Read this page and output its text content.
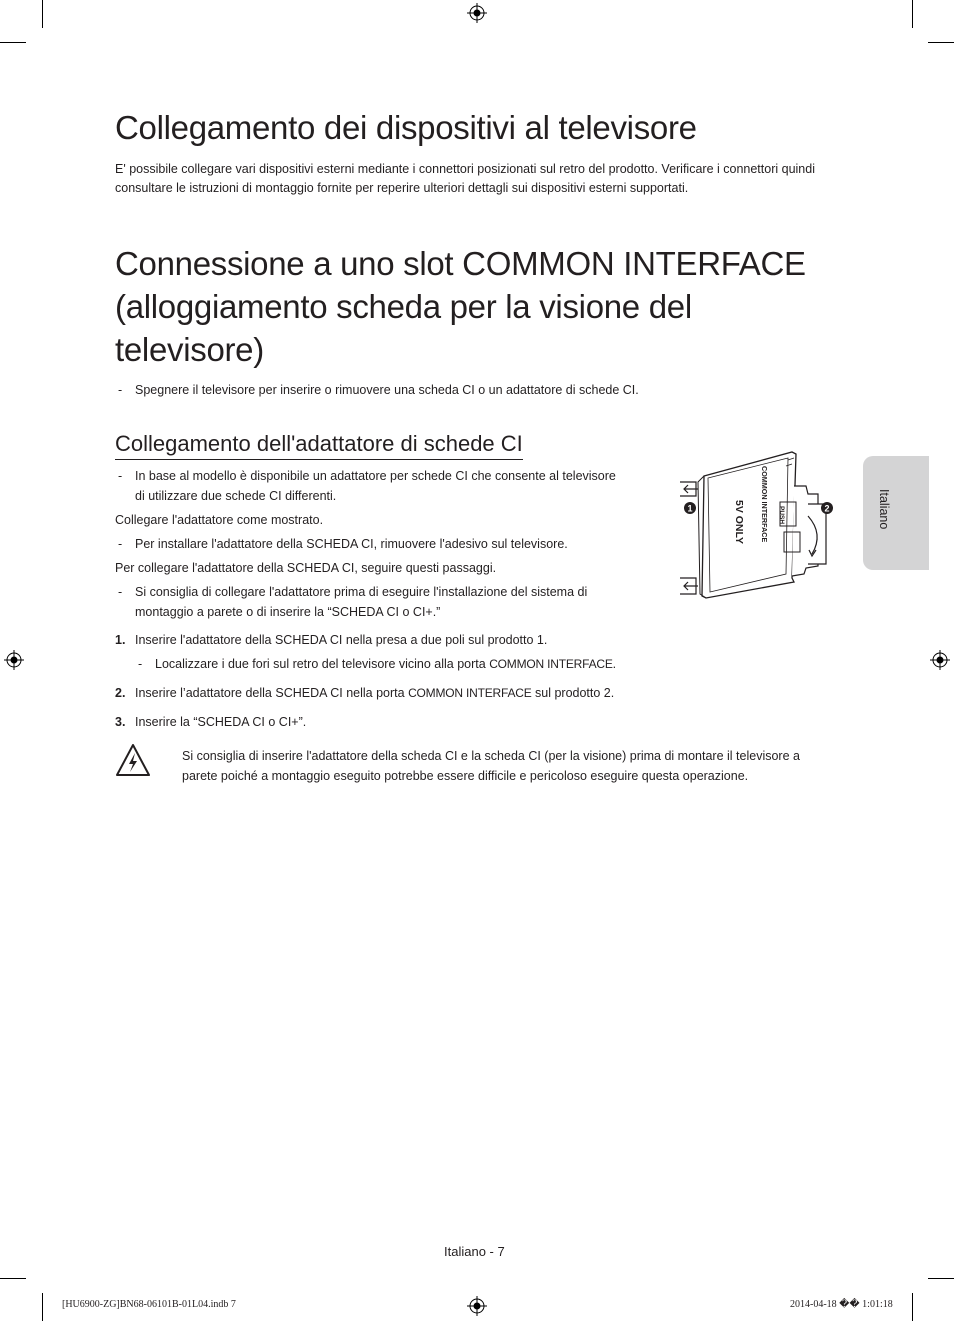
Collegamento dei dispositivi al televisore

E' possibile collegare vari dispositivi esterni mediante i connettori posizionati sul retro del prodotto. Verificare i connettori quindi

consultare le istruzioni di montaggio fornite per reperire ulteriori dettagli sui dispositivi esterni supportati.

Connessione a uno slot COMMON INTERFACE
(alloggiamento scheda per la visione del
televisore)
- Spegnere il televisore per inserire o rimuovere una scheda CI o un adattatore di schede CI.

Collegamento dell'adattatore di schede CI
- In base al modello è disponibile un adattatore per schede CI che consente al televisore

di utilizzare due schede CI differenti.

Collegare l'adattatore come mostrato.

- Per installare l'adattatore della SCHEDA CI, rimuovere l'adesivo sul televisore.

Per collegare l'adattatore della SCHEDA CI, seguire questi passaggi.

- Si consiglia di collegare l'adattatore prima di eseguire l'installazione del sistema di

montaggio a parete o di inserire la “SCHEDA CI o CI+.”

1. Inserire l'adattatore della SCHEDA CI nella presa a due poli sul prodotto 1.

- Localizzare i due fori sul retro del televisore vicino alla porta COMMON INTERFACE.

2. Inserire l’adattatore della SCHEDA CI nella porta COMMON INTERFACE sul prodotto 2.

3. Inserire la “SCHEDA CI o CI+”.

Si consiglia di inserire l'adattatore della scheda CI e la scheda CI (per la visione) prima di montare il televisore a

parete poiché a montaggio eseguito potrebbe essere difficile e pericoloso eseguire questa operazione.

COMMON INTERFACE
5V ONLY	PUSH
1	2	Italiano
Italiano - 7
[HU6900-ZG]BN68-06101B-01L04.indb 7	2014-04-18 �� 1:01:18
